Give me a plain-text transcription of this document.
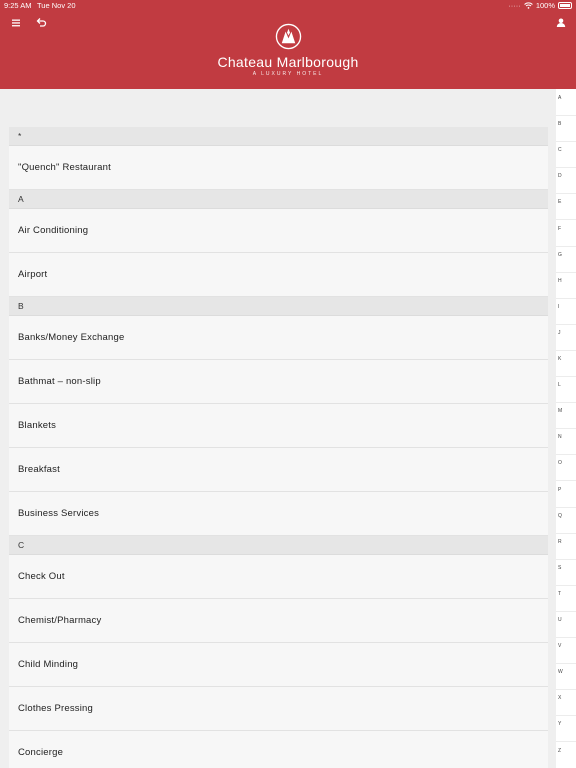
9:25 AM Tue Nov 20	····· 100%
Chateau Marlborough
A LUXURY HOTEL
*
"Quench" Restaurant
A
Air Conditioning
Airport
B
Banks/Money Exchange
Bathmat – non-slip
Blankets
Breakfast
Business Services
C
Check Out
Chemist/Pharmacy
Child Minding
Clothes Pressing
Concierge
A
B
C
D
E
F
G
H
I
J
K
L
M
N
O
P
Q
R
S
T
U
V
W
X
Y
Z
